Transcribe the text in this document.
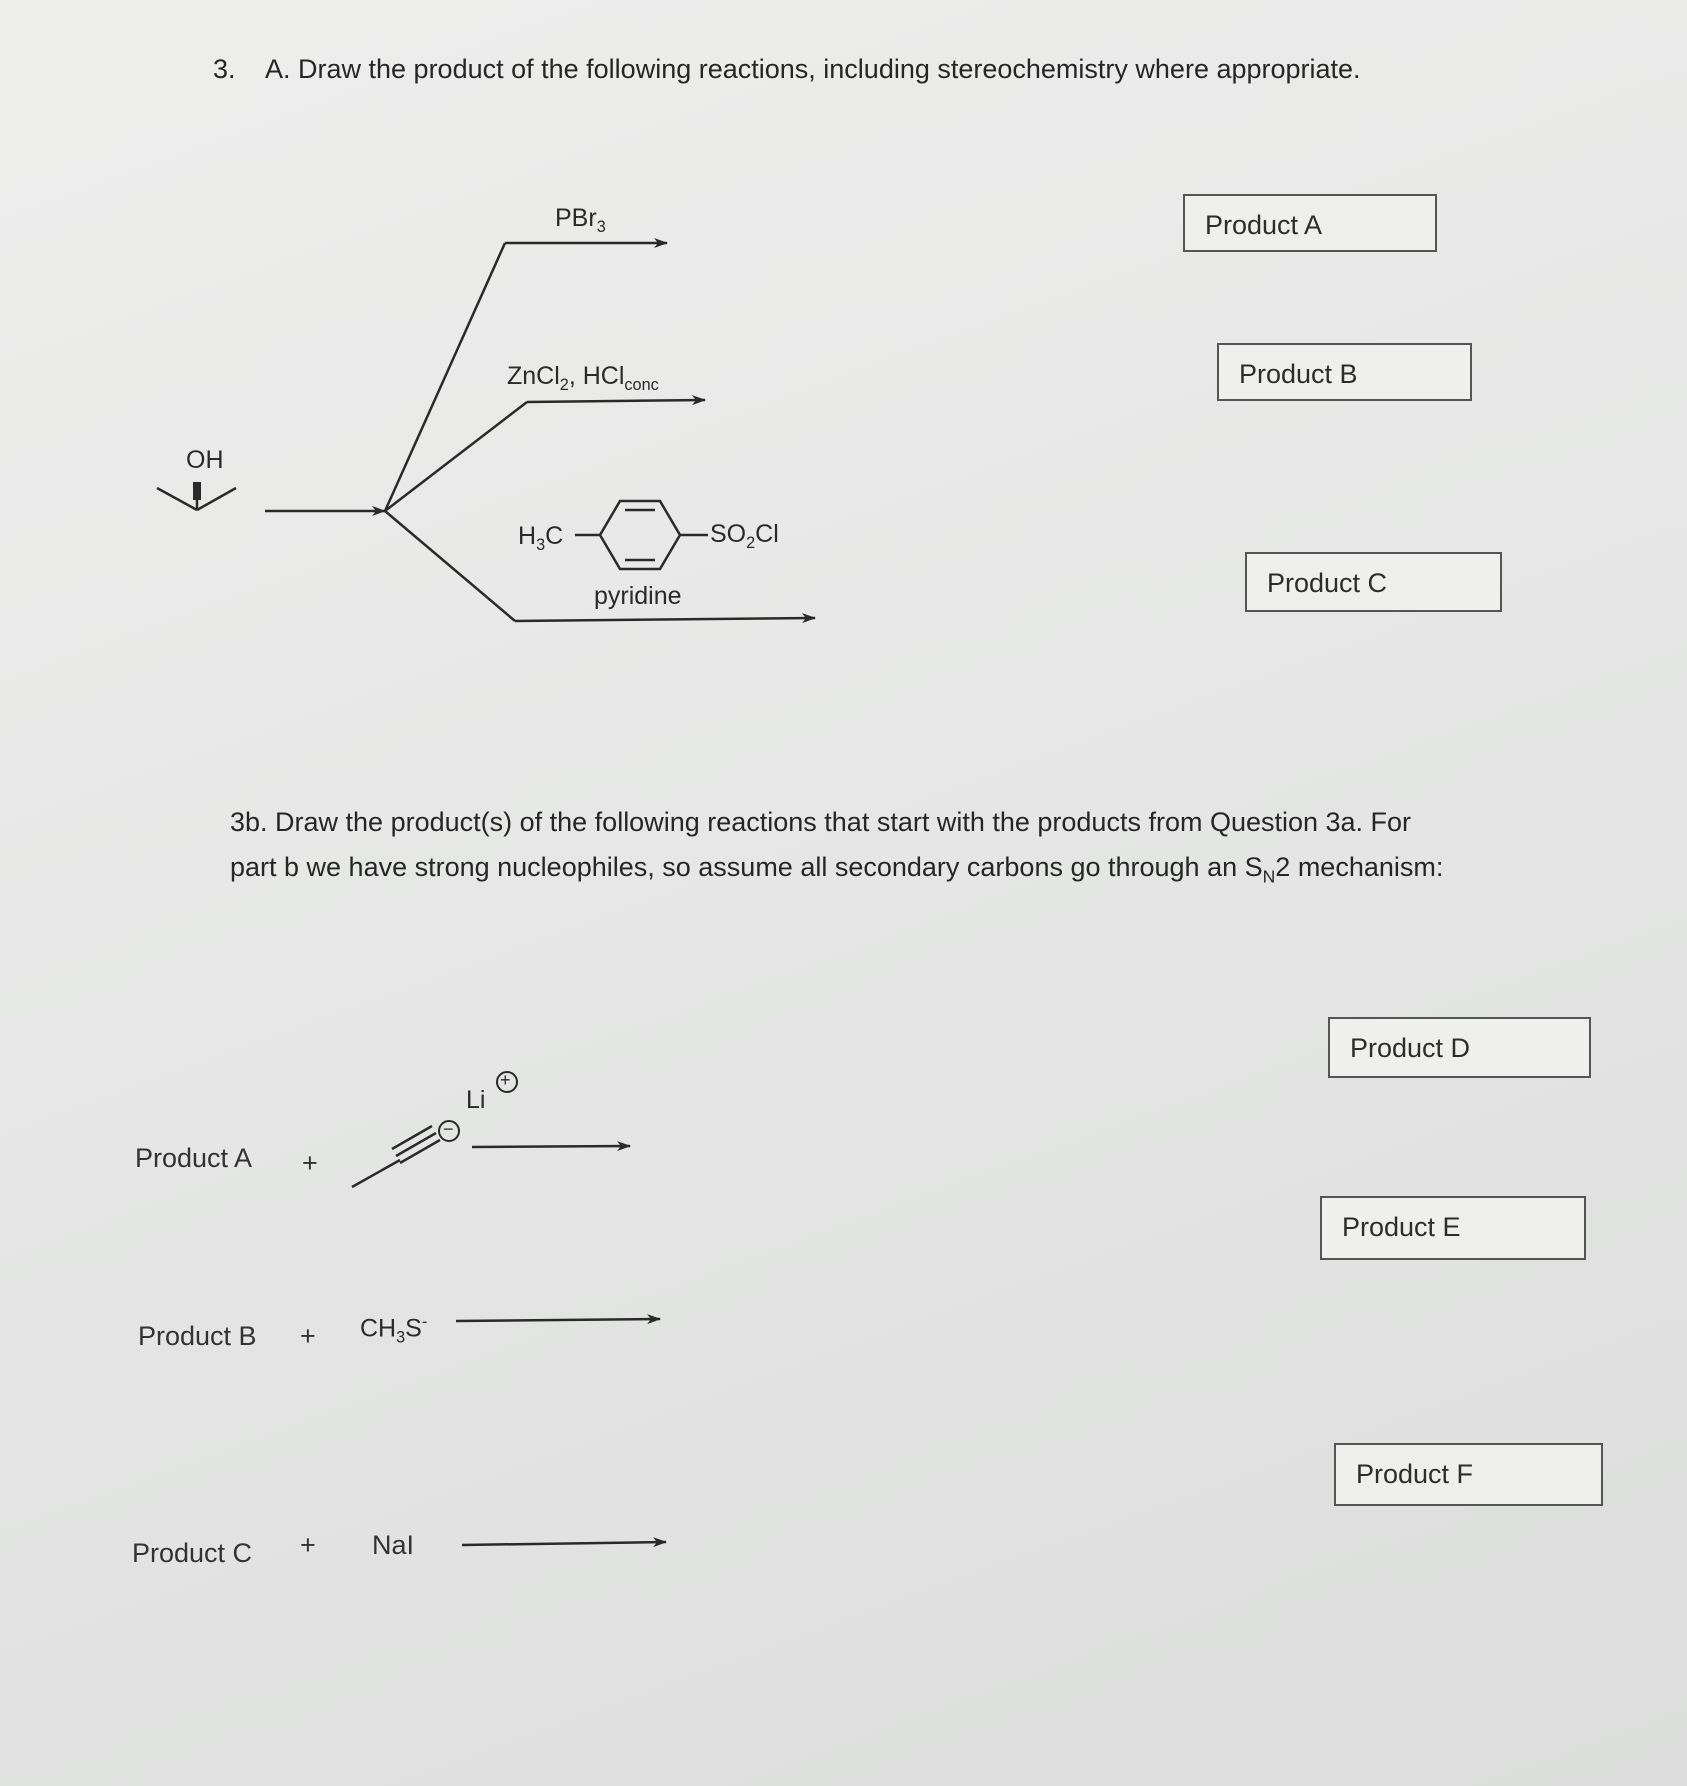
3. A. Draw the product of the following reactions, including stereochemistry where appropriate.
OH
PBr$_3$
ZnCl$_2$, HCl$_{conc}$
$H_3C$	$SO_2Cl$
pyridine
Product A
Product B
Product C
3b. Draw the product(s) of the following reactions that start with the products from Question 3a. For
part b we have strong nucleophiles, so assume all secondary carbons go through an $S_N2$ mechanism:
Product A +
Li
+
−
Product $B + CH_3S^-$
Product C + NaI
Product D
Product E
Product F
